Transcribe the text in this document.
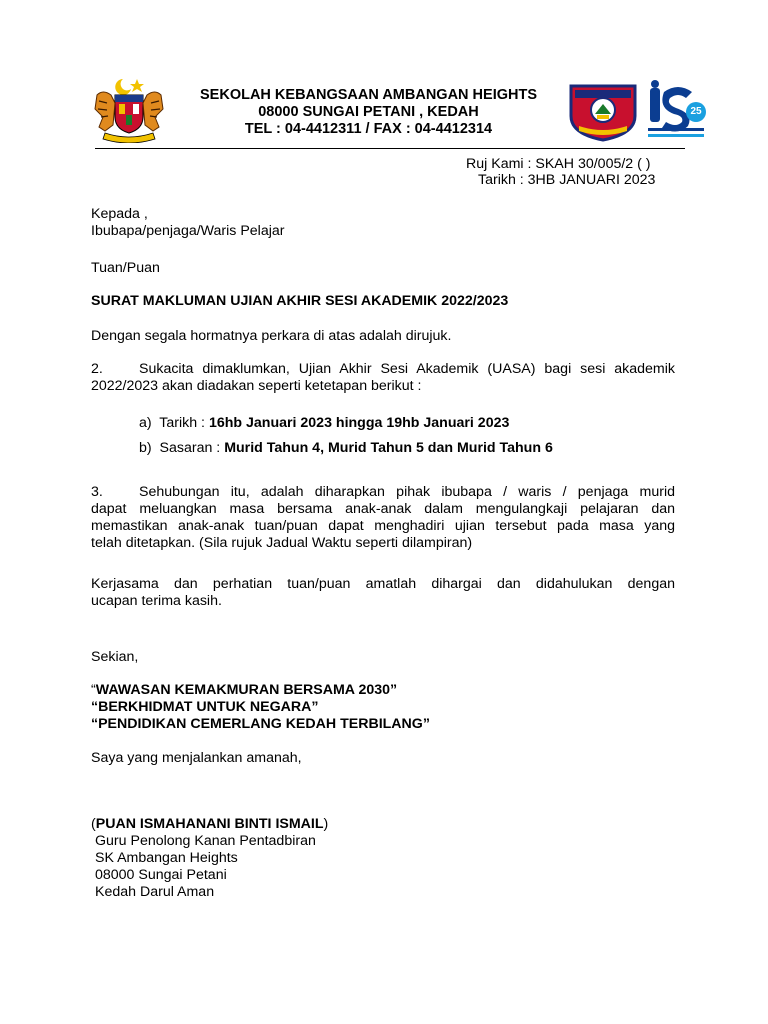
25
SEKOLAH KEBANGSAAN AMBANGAN HEIGHTS
08000 SUNGAI PETANI , KEDAH
TEL : 04-4412311 / FAX : 04-4412314
Ruj Kami : SKAH 30/005/2 ( )
Tarikh : 3HB JANUARI 2023
Kepada ,
Ibubapa/penjaga/Waris Pelajar
Tuan/Puan
SURAT MAKLUMAN UJIAN AKHIR SESI AKADEMIK 2022/2023
Dengan segala hormatnya perkara di atas adalah dirujuk.
2.	Sukacita dimaklumkan, Ujian Akhir Sesi Akademik (UASA) bagi sesi akademik
2022/2023 akan diadakan seperti ketetapan berikut :
a) Tarikh : 16hb Januari 2023 hingga 19hb Januari 2023
b) Sasaran : Murid Tahun 4, Murid Tahun 5 dan Murid Tahun 6
3.	Sehubungan itu, adalah diharapkan pihak ibubapa / waris / penjaga murid
dapat meluangkan masa bersama anak-anak dalam mengulangkaji pelajaran dan
memastikan anak-anak tuan/puan dapat menghadiri ujian tersebut pada masa yang
telah ditetapkan. (Sila rujuk Jadual Waktu seperti dilampiran)
Kerjasama dan perhatian tuan/puan amatlah dihargai dan didahulukan dengan
ucapan terima kasih.
Sekian,
“WAWASAN KEMAKMURAN BERSAMA 2030”
“BERKHIDMAT UNTUK NEGARA”
“PENDIDIKAN CEMERLANG KEDAH TERBILANG”
Saya yang menjalankan amanah,
(PUAN ISMAHANANI BINTI ISMAIL)
Guru Penolong Kanan Pentadbiran
SK Ambangan Heights
08000 Sungai Petani
Kedah Darul Aman
